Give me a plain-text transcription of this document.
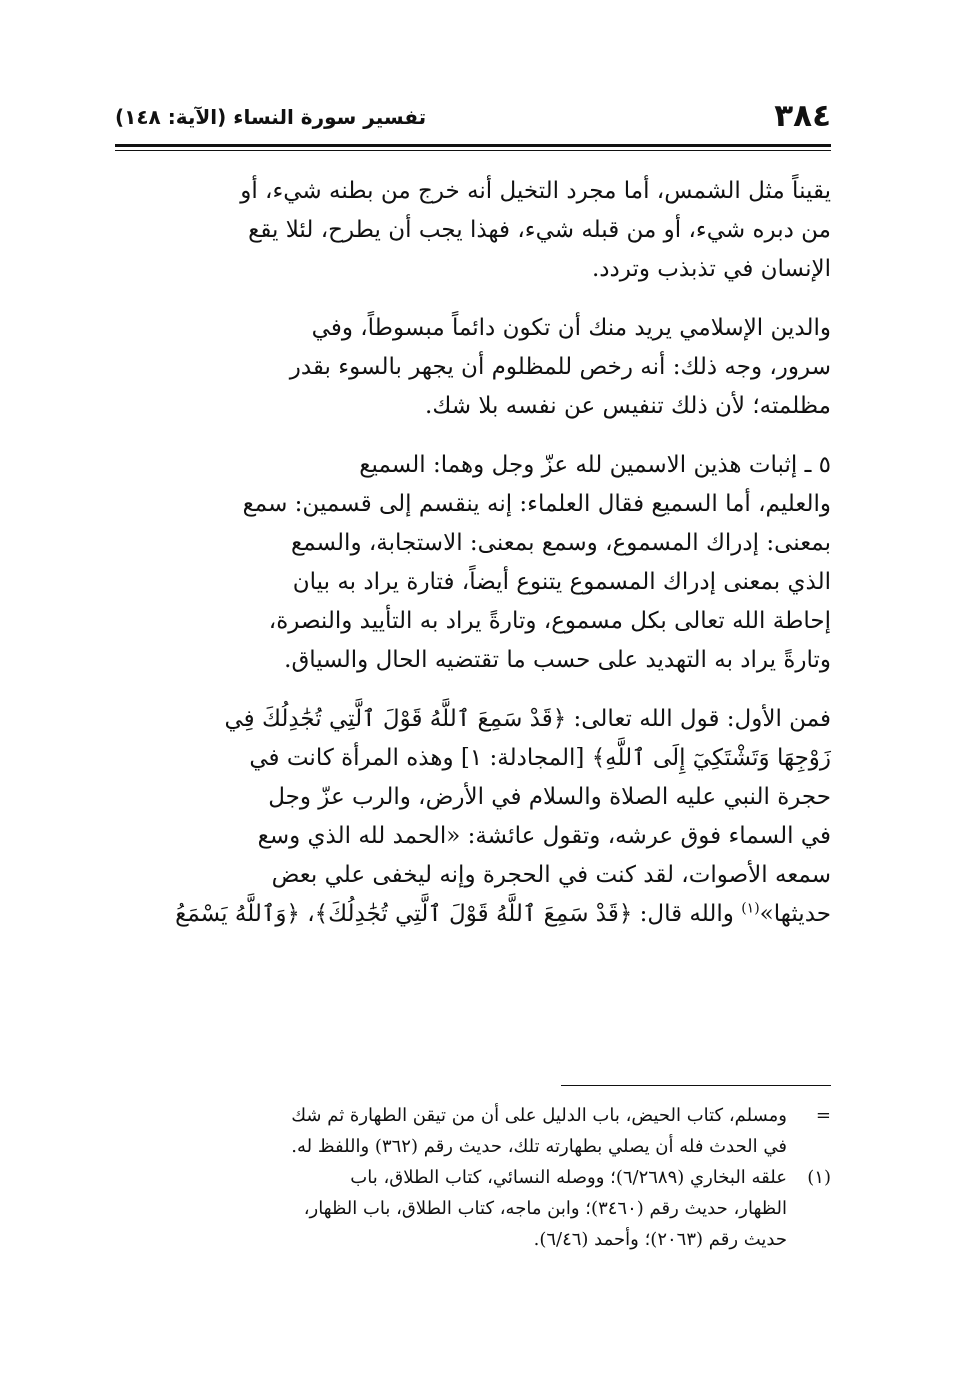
٣٨٤
تفسير سورة النساء (الآية: ١٤٨)

يقيناً مثل الشمس، أما مجرد التخيل أنه خرج من بطنه شيء، أو
من دبره شيء، أو من قبله شيء، فهذا يجب أن يطرح، لئلا يقع
الإنسان في تذبذب وتردد.

والدين الإسلامي يريد منك أن تكون دائماً مبسوطاً، وفي
سرور، وجه ذلك: أنه رخص للمظلوم أن يجهر بالسوء بقدر
مظلمته؛ لأن ذلك تنفيس عن نفسه بلا شك.

٥ ـ إثبات هذين الاسمين لله عزّ وجل وهما: السميع
والعليم، أما السميع فقال العلماء: إنه ينقسم إلى قسمين: سمع
بمعنى: إدراك المسموع، وسمع بمعنى: الاستجابة، والسمع
الذي بمعنى إدراك المسموع يتنوع أيضاً، فتارة يراد به بيان
إحاطة الله تعالى بكل مسموع، وتارةً يراد به التأييد والنصرة،
وتارةً يراد به التهديد على حسب ما تقتضيه الحال والسياق.

فمن الأول: قول الله تعالى: ﴿قَدْ سَمِعَ ٱللَّهُ قَوْلَ ٱلَّتِي تُجَٰدِلُكَ فِي
زَوْجِهَا وَتَشْتَكِيٓ إِلَى ٱللَّهِ﴾ [المجادلة: ١] وهذه المرأة كانت في
حجرة النبي عليه الصلاة والسلام في الأرض، والرب عزّ وجل
في السماء فوق عرشه، وتقول عائشة: «الحمد لله الذي وسع
سمعه الأصوات، لقد كنت في الحجرة وإنه ليخفى علي بعض
حديثها»$^{(١)}$ والله قال: ﴿قَدْ سَمِعَ ٱللَّهُ قَوْلَ ٱلَّتِي تُجَٰدِلُكَ﴾، ﴿وَٱللَّهُ يَسْمَعُ

=
ومسلم، كتاب الحيض، باب الدليل على أن من تيقن الطهارة ثم شك
في الحدث فله أن يصلي بطهارته تلك، حديث رقم (٣٦٢) واللفظ له.
(١)
علقه البخاري (٦/٢٦٨٩)؛ ووصله النسائي، كتاب الطلاق، باب
الظهار، حديث رقم (٣٤٦٠)؛ وابن ماجه، كتاب الطلاق، باب الظهار،
حديث رقم (٢٠٦٣)؛ وأحمد (٦/٤٦).
